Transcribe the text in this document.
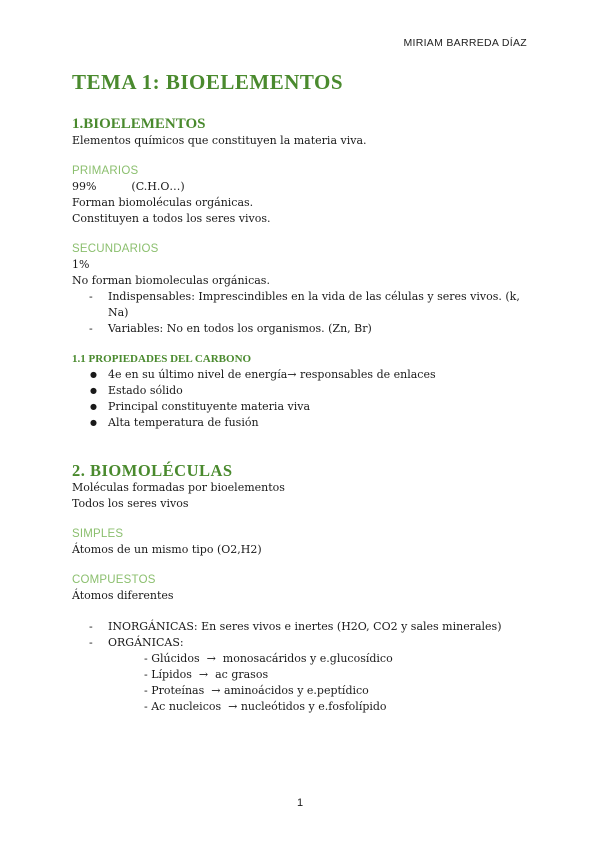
MIRIAM BARREDA DÍAZ
TEMA 1: BIOELEMENTOS
1.BIOELEMENTOS
Elementos químicos que constituyen la materia viva.
PRIMARIOS
99%          (C.H.O…)
Forman biomoléculas orgánicas.
Constituyen a todos los seres vivos.
SECUNDARIOS
1%
No forman biomoleculas orgánicas.
- Indispensables: Imprescindibles en la vida de las células y seres vivos. (k, Na)
- Variables: No en todos los organismos. (Zn, Br)
1.1 PROPIEDADES DEL CARBONO
● 4e en su último nivel de energía→ responsables de enlaces
● Estado sólido
● Principal constituyente materia viva
● Alta temperatura de fusión
2. BIOMOLÉCULAS
Moléculas formadas por bioelementos
Todos los seres vivos
SIMPLES
Átomos de un mismo tipo (O2,H2)
COMPUESTOS
Átomos diferentes
- INORGÁNICAS: En seres vivos e inertes (H2O, CO2 y sales minerales)
- ORGÁNICAS:
- Glúcidos  →  monosacáridos y e.glucosídico
- Lípidos  →  ac grasos
- Proteínas  → aminoácidos y e.peptídico
- Ac nucleicos  → nucleótidos y e.fosfolípido
1
